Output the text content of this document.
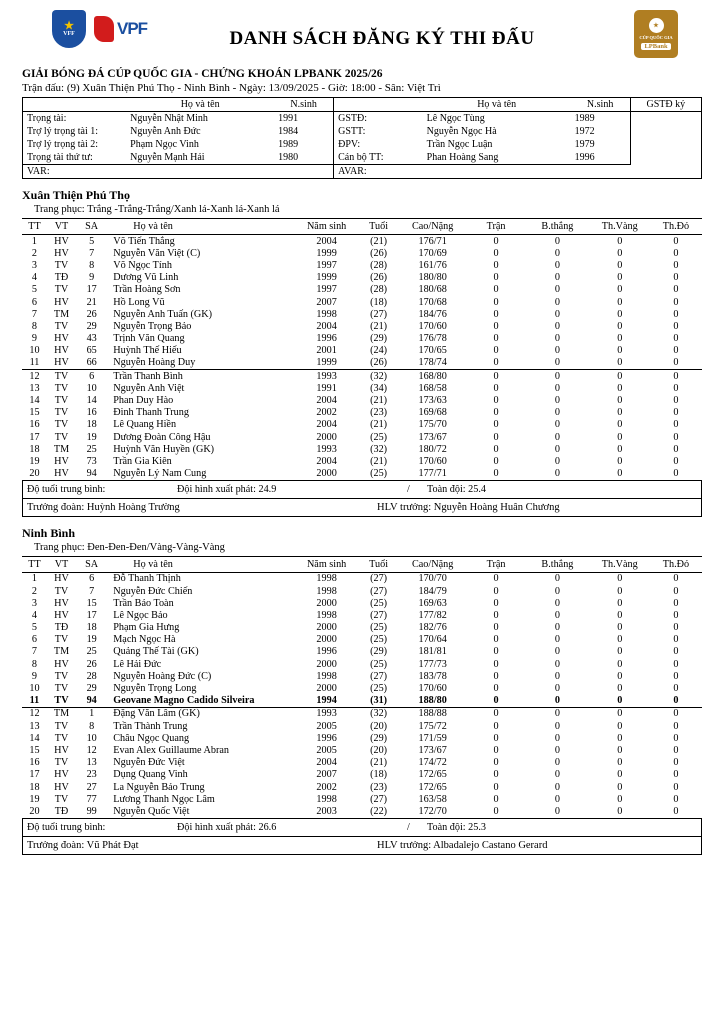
★
VFF VPF	DANH SÁCH ĐĂNG KÝ THI ĐẤU
★
CÚP QUỐC GIA
LPBank
GIẢI BÓNG ĐÁ CÚP QUỐC GIA - CHỨNG KHOÁN LPBANK 2025/26
Trận đấu: (9) Xuân Thiện Phú Thọ - Ninh Bình - Ngày: 13/09/2025 - Giờ: 18:00 - Sân: Việt Trì
	Họ và tên	N.sinh		Họ và tên	N.sinh	GSTĐ ký
Trọng tài:	Nguyễn Nhật Minh	1991	GSTĐ:	Lê Ngọc Tùng	1989	
Trợ lý trọng tài 1:	Nguyễn Anh Đức	1984	GSTT:	Nguyễn Ngọc Hà	1972	
Trợ lý trọng tài 2:	Phạm Ngọc Vinh	1989	ĐPV:	Trần Ngọc Luận	1979	
Trọng tài thứ tư:	Nguyễn Mạnh Hải	1980	Cán bộ TT:	Phan Hoàng Sang	1996	
VAR:			AVAR:			
Xuân Thiện Phú Thọ
Trang phục: Trắng -Trắng-Trắng/Xanh lá-Xanh lá-Xanh lá
TT	VT	SA	Họ và tên	Năm sinh	Tuổi	Cao/Nặng	Trận	B.thắng	Th.Vàng	Th.Đỏ
1	HV	5	Võ Tiến Thắng	2004	(21)	176/71	0	0	0	0
2	HV	7	Nguyễn Văn Việt (C)	1999	(26)	170/69	0	0	0	0
3	TV	8	Võ Ngọc Tính	1997	(28)	161/76	0	0	0	0
4	TĐ	9	Dương Vũ Linh	1999	(26)	180/80	0	0	0	0
5	TV	17	Trần Hoàng Sơn	1997	(28)	180/68	0	0	0	0
6	HV	21	Hồ Long Vũ	2007	(18)	170/68	0	0	0	0
7	TM	26	Nguyễn Anh Tuấn (GK)	1998	(27)	184/76	0	0	0	0
8	TV	29	Nguyễn Trọng Bảo	2004	(21)	170/60	0	0	0	0
9	HV	43	Trịnh Văn Quang	1996	(29)	176/78	0	0	0	0
10	HV	65	Huỳnh Thế Hiếu	2001	(24)	170/65	0	0	0	0
11	HV	66	Nguyễn Hoàng Duy	1999	(26)	178/74	0	0	0	0
12	TV	6	Trần Thanh Bình	1993	(32)	168/80	0	0	0	0
13	TV	10	Nguyễn Anh Việt	1991	(34)	168/58	0	0	0	0
14	TV	14	Phan Duy Hào	2004	(21)	173/63	0	0	0	0
15	TV	16	Đinh Thanh Trung	2002	(23)	169/68	0	0	0	0
16	TV	18	Lê Quang Hiền	2004	(21)	175/70	0	0	0	0
17	TV	19	Dương Đoàn Công Hậu	2000	(25)	173/67	0	0	0	0
18	TM	25	Huỳnh Văn Huyền (GK)	1993	(32)	180/72	0	0	0	0
19	HV	73	Trần Gia Kiên	2004	(21)	170/60	0	0	0	0
20	HV	94	Nguyễn Lý Nam Cung	2000	(25)	177/71	0	0	0	0
Độ tuổi trung bình:	Đội hình xuất phát: 24.9	/	Toàn đội: 25.4
Trưởng đoàn: Huỳnh Hoàng Trường	HLV trưởng: Nguyễn Hoàng Huân Chương
Ninh Bình
Trang phục: Đen-Đen-Đen/Vàng-Vàng-Vàng
TT	VT	SA	Họ và tên	Năm sinh	Tuổi	Cao/Nặng	Trận	B.thắng	Th.Vàng	Th.Đỏ
1	HV	6	Đỗ Thanh Thịnh	1998	(27)	170/70	0	0	0	0
2	TV	7	Nguyễn Đức Chiến	1998	(27)	184/79	0	0	0	0
3	HV	15	Trần Bảo Toàn	2000	(25)	169/63	0	0	0	0
4	HV	17	Lê Ngọc Bảo	1998	(27)	177/82	0	0	0	0
5	TĐ	18	Phạm Gia Hưng	2000	(25)	182/76	0	0	0	0
6	TV	19	Mạch Ngọc Hà	2000	(25)	170/64	0	0	0	0
7	TM	25	Quảng Thế Tài (GK)	1996	(29)	181/81	0	0	0	0
8	HV	26	Lê Hải Đức	2000	(25)	177/73	0	0	0	0
9	TV	28	Nguyễn Hoàng Đức (C)	1998	(27)	183/78	0	0	0	0
10	TV	29	Nguyễn Trọng Long	2000	(25)	170/60	0	0	0	0
11	TV	94	Geovane Magno Cadido Silveira	1994	(31)	188/80	0	0	0	0
12	TM	1	Đặng Văn Lâm (GK)	1993	(32)	188/88	0	0	0	0
13	TV	8	Trần Thành Trung	2005	(20)	175/72	0	0	0	0
14	TV	10	Châu Ngọc Quang	1996	(29)	171/59	0	0	0	0
15	HV	12	Evan Alex Guillaume Abran	2005	(20)	173/67	0	0	0	0
16	TV	13	Nguyễn Đức Việt	2004	(21)	174/72	0	0	0	0
17	HV	23	Dụng Quang Vinh	2007	(18)	172/65	0	0	0	0
18	HV	27	La Nguyễn Bảo Trung	2002	(23)	172/65	0	0	0	0
19	TV	77	Lương Thanh Ngọc Lâm	1998	(27)	163/58	0	0	0	0
20	TĐ	99	Nguyễn Quốc Việt	2003	(22)	172/70	0	0	0	0
Độ tuổi trung bình:	Đội hình xuất phát: 26.6	/	Toàn đội: 25.3
Trưởng đoàn: Vũ Phát Đạt	HLV trưởng: Albadalejo Castano Gerard
